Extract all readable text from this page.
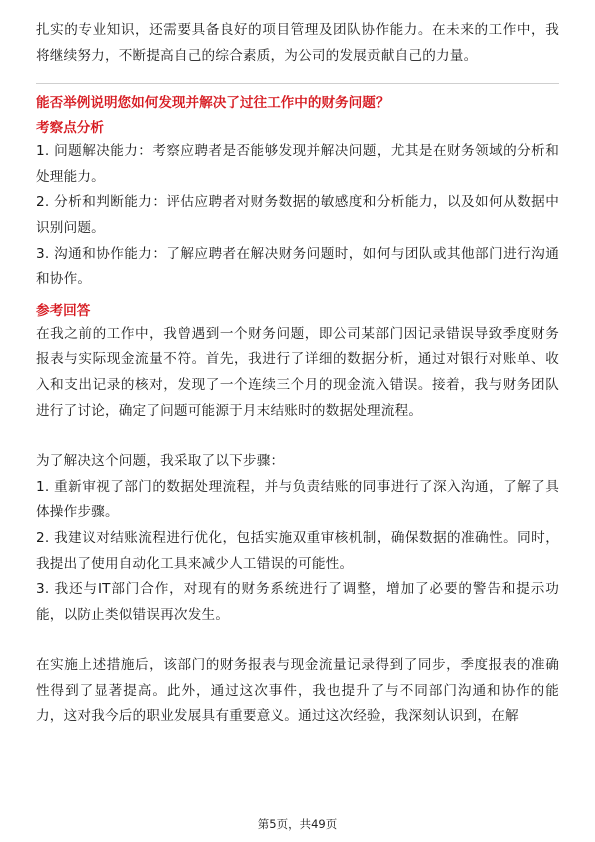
扎实的专业知识，还需要具备良好的项目管理及团队协作能力。在未来的工作中，我将继续努力，不断提高自己的综合素质，为公司的发展贡献自己的力量。

能否举例说明您如何发现并解决了过往工作中的财务问题？

考察点分析

1. 问题解决能力：考察应聘者是否能够发现并解决问题，尤其是在财务领域的分析和处理能力。

2. 分析和判断能力：评估应聘者对财务数据的敏感度和分析能力，以及如何从数据中识别问题。

3. 沟通和协作能力：了解应聘者在解决财务问题时，如何与团队或其他部门进行沟通和协作。

参考回答

在我之前的工作中，我曾遇到一个财务问题，即公司某部门因记录错误导致季度财务报表与实际现金流量不符。首先，我进行了详细的数据分析，通过对银行对账单、收入和支出记录的核对，发现了一个连续三个月的现金流入错误。接着，我与财务团队进行了讨论，确定了问题可能源于月末结账时的数据处理流程。

为了解决这个问题，我采取了以下步骤：

1. 重新审视了部门的数据处理流程，并与负责结账的同事进行了深入沟通，了解了具体操作步骤。

2. 我建议对结账流程进行优化，包括实施双重审核机制，确保数据的准确性。同时，我提出了使用自动化工具来减少人工错误的可能性。

3. 我还与IT部门合作，对现有的财务系统进行了调整，增加了必要的警告和提示功能，以防止类似错误再次发生。

在实施上述措施后，该部门的财务报表与现金流量记录得到了同步，季度报表的准确性得到了显著提高。此外，通过这次事件，我也提升了与不同部门沟通和协作的能力，这对我今后的职业发展具有重要意义。通过这次经验，我深刻认识到，在解

第5页，共49页
